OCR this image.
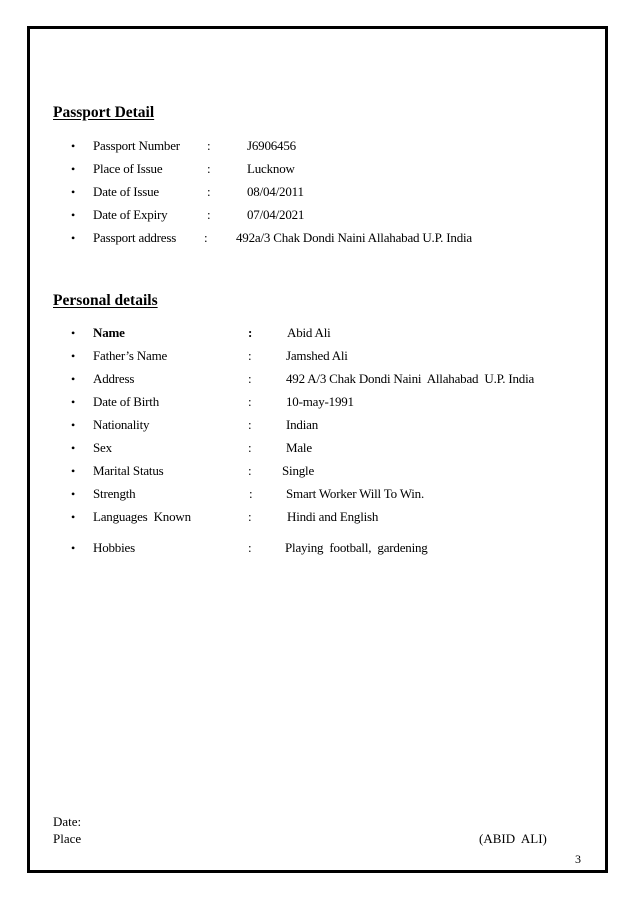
Passport Detail
• Passport Number :	J6906456
• Place of Issue	:	Lucknow
• Date of Issue	:	08/04/2011
• Date of Expiry	:	07/04/2021
• Passport address : 492a/3 Chak Dondi Naini Allahabad U.P. India
Personal details
• Name	:	Abid Ali
• Father’s Name	:	Jamshed Ali
• Address	:	492 A/3 Chak Dondi Naini  Allahabad  U.P. India
• Date of Birth	:	10-may-1991
• Nationality	:	Indian
• Sex	:	Male
• Marital Status	: Single
• Strength	:	Smart Worker Will To Win.
• Languages  Known	:	Hindi and English
• Hobbies	:	Playing  football,  gardening
Date:
Place	(ABID  ALI)
3
